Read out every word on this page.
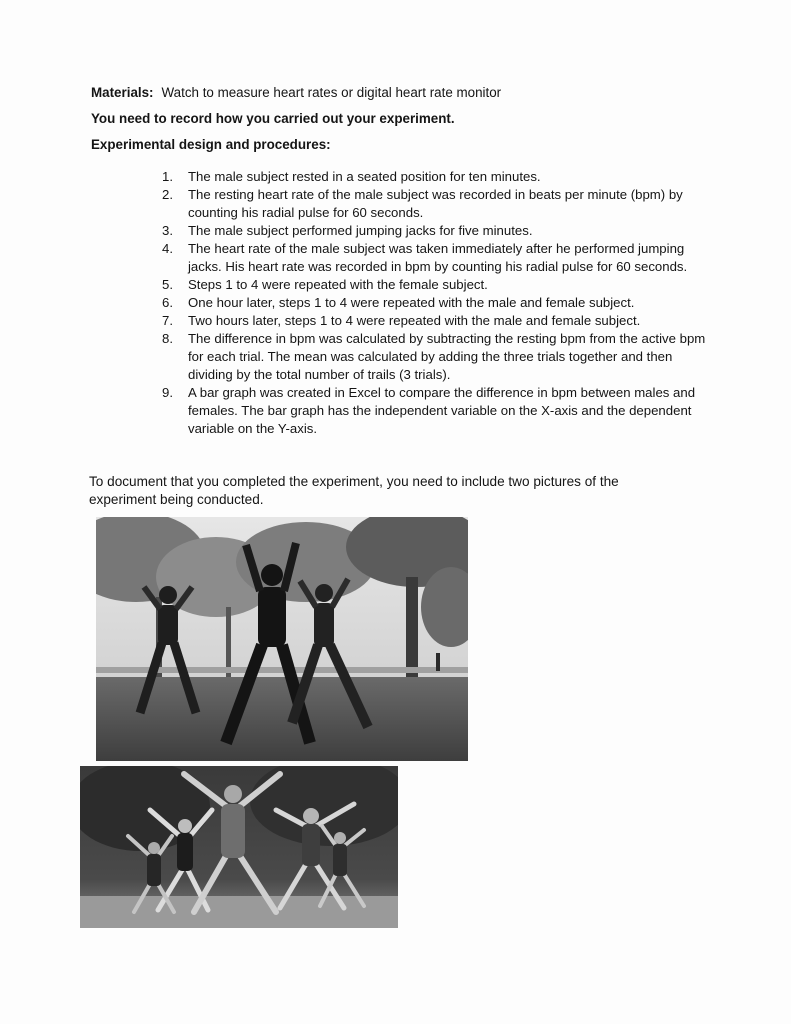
Materials: Watch to measure heart rates or digital heart rate monitor
You need to record how you carried out your experiment.
Experimental design and procedures:
1.	The male subject rested in a seated position for ten minutes.
2.	The resting heart rate of the male subject was recorded in beats per minute (bpm) by counting his radial pulse for 60 seconds.
3.	The male subject performed jumping jacks for five minutes.
4.	The heart rate of the male subject was taken immediately after he performed jumping jacks. His heart rate was recorded in bpm by counting his radial pulse for 60 seconds.
5.	Steps 1 to 4 were repeated with the female subject.
6.	One hour later, steps 1 to 4 were repeated with the male and female subject.
7.	Two hours later, steps 1 to 4 were repeated with the male and female subject.
8.	The difference in bpm was calculated by subtracting the resting bpm from the active bpm for each trial. The mean was calculated by adding the three trials together and then dividing by the total number of trails (3 trials).
9.	A bar graph was created in Excel to compare the difference in bpm between males and females. The bar graph has the independent variable on the X-axis and the dependent variable on the Y-axis.
To document that you completed the experiment, you need to include two pictures of the experiment being conducted.
